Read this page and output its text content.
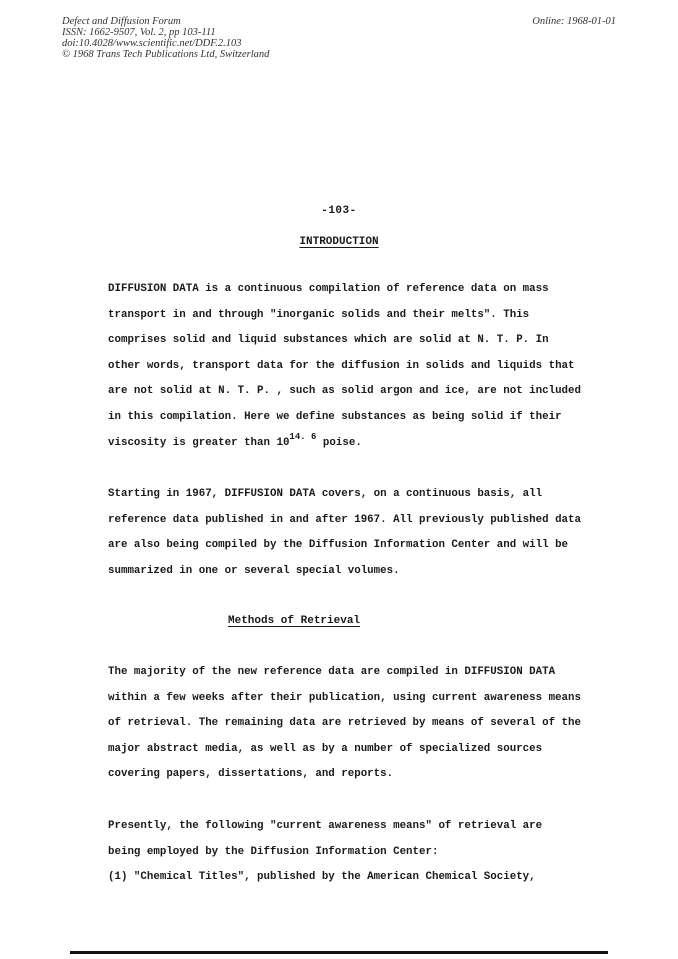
Defect and Diffusion Forum
ISSN: 1662-9507, Vol. 2, pp 103-111
doi:10.4028/www.scientific.net/DDF.2.103
© 1968 Trans Tech Publications Ltd, Switzerland
Online: 1968-01-01
-103-
INTRODUCTION
DIFFUSION DATA is a continuous compilation of reference data on mass
transport in and through "inorganic solids and their melts". This
comprises solid and liquid substances which are solid at N. T. P. In
other words, transport data for the diffusion in solids and liquids that
are not solid at N. T. P. , such as solid argon and ice, are not included
in this compilation. Here we define substances as being solid if their
viscosity is greater than $10^{14. 6}$ poise.
Starting in 1967, DIFFUSION DATA covers, on a continuous basis, all
reference data published in and after 1967. All previously published data
are also being compiled by the Diffusion Information Center and will be
summarized in one or several special volumes.
Methods of Retrieval
The majority of the new reference data are compiled in DIFFUSION DATA
within a few weeks after their publication, using current awareness means
of retrieval. The remaining data are retrieved by means of several of the
major abstract media, as well as by a number of specialized sources
covering papers, dissertations, and reports.
Presently, the following "current awareness means" of retrieval are
being employed by the Diffusion Information Center:
(1) "Chemical Titles", published by the American Chemical Society,
